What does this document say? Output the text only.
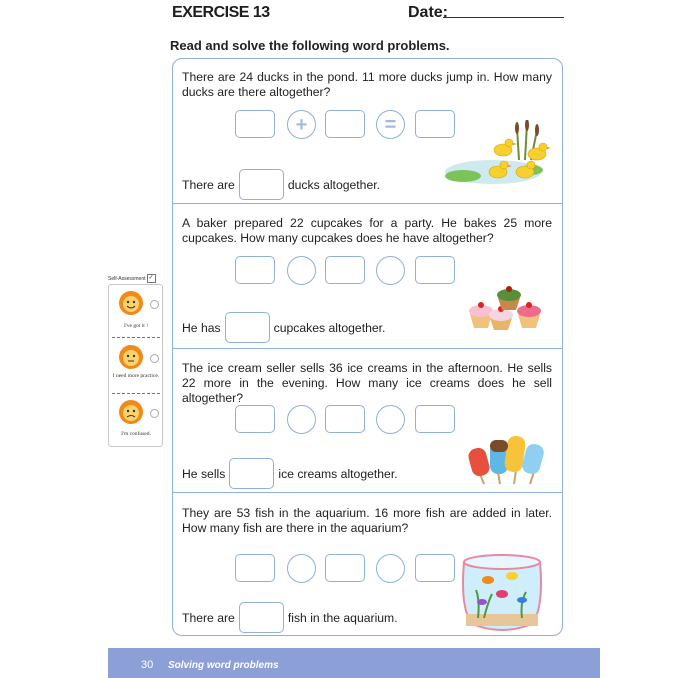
EXERCISE 13	Date:
Read and solve the following word problems.
There are 24 ducks in the pond. 11 more ducks jump in. How many ducks are there altogether?
+	=
There are	ducks altogether.
A baker prepared 22 cupcakes for a party. He bakes 25 more cupcakes. How many cupcakes does he have altogether?
He has	cupcakes altogether.
The ice cream seller sells 36 ice creams in the afternoon. He sells 22 more in the evening. How many ice creams does he sell altogether?
He sells	ice creams altogether.
They are 53 fish in the aquarium. 16 more fish are added in later. How many fish are there in the aquarium?
There are	fish in the aquarium.
Self-Assessment ✓
I've got it !
I need more practice.
I'm confused.
30 Solving word problems
